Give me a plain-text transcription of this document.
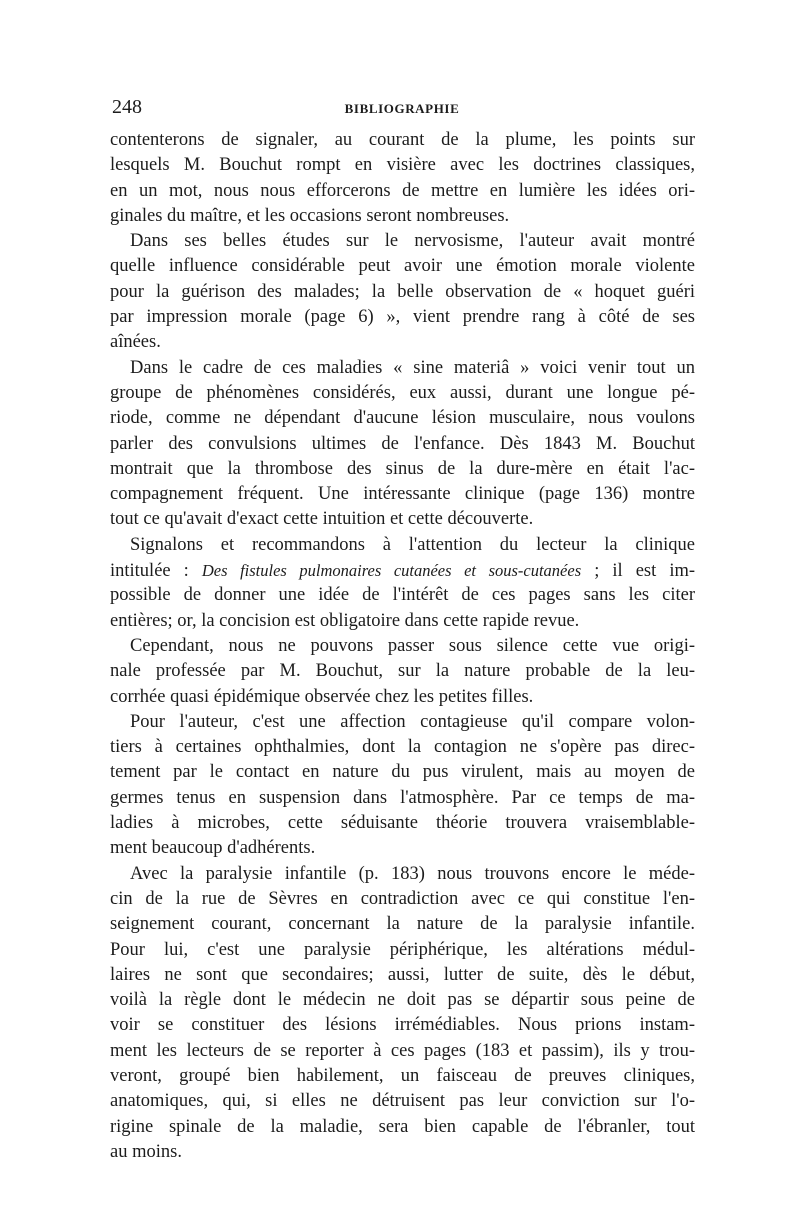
248	BIBLIOGRAPHIE
contenterons de signaler, au courant de la plume, les points sur
lesquels M. Bouchut rompt en visière avec les doctrines classiques,
en un mot, nous nous efforcerons de mettre en lumière les idées ori-
ginales du maître, et les occasions seront nombreuses.
Dans ses belles études sur le nervosisme, l'auteur avait montré
quelle influence considérable peut avoir une émotion morale violente
pour la guérison des malades; la belle observation de « hoquet guéri
par impression morale (page 6) », vient prendre rang à côté de ses
aînées.
Dans le cadre de ces maladies « sine materiâ » voici venir tout un
groupe de phénomènes considérés, eux aussi, durant une longue pé-
riode, comme ne dépendant d'aucune lésion musculaire, nous voulons
parler des convulsions ultimes de l'enfance. Dès 1843 M. Bouchut
montrait que la thrombose des sinus de la dure-mère en était l'ac-
compagnement fréquent. Une intéressante clinique (page 136) montre
tout ce qu'avait d'exact cette intuition et cette découverte.
Signalons et recommandons à l'attention du lecteur la clinique
intitulée : Des fistules pulmonaires cutanées et sous-cutanées ; il est im-
possible de donner une idée de l'intérêt de ces pages sans les citer
entières; or, la concision est obligatoire dans cette rapide revue.
Cependant, nous ne pouvons passer sous silence cette vue origi-
nale professée par M. Bouchut, sur la nature probable de la leu-
corrhée quasi épidémique observée chez les petites filles.
Pour l'auteur, c'est une affection contagieuse qu'il compare volon-
tiers à certaines ophthalmies, dont la contagion ne s'opère pas direc-
tement par le contact en nature du pus virulent, mais au moyen de
germes tenus en suspension dans l'atmosphère. Par ce temps de ma-
ladies à microbes, cette séduisante théorie trouvera vraisemblable-
ment beaucoup d'adhérents.
Avec la paralysie infantile (p. 183) nous trouvons encore le méde-
cin de la rue de Sèvres en contradiction avec ce qui constitue l'en-
seignement courant, concernant la nature de la paralysie infantile.
Pour lui, c'est une paralysie périphérique, les altérations médul-
laires ne sont que secondaires; aussi, lutter de suite, dès le début,
voilà la règle dont le médecin ne doit pas se départir sous peine de
voir se constituer des lésions irrémédiables. Nous prions instam-
ment les lecteurs de se reporter à ces pages (183 et passim), ils y trou-
veront, groupé bien habilement, un faisceau de preuves cliniques,
anatomiques, qui, si elles ne détruisent pas leur conviction sur l'o-
rigine spinale de la maladie, sera bien capable de l'ébranler, tout
au moins.
